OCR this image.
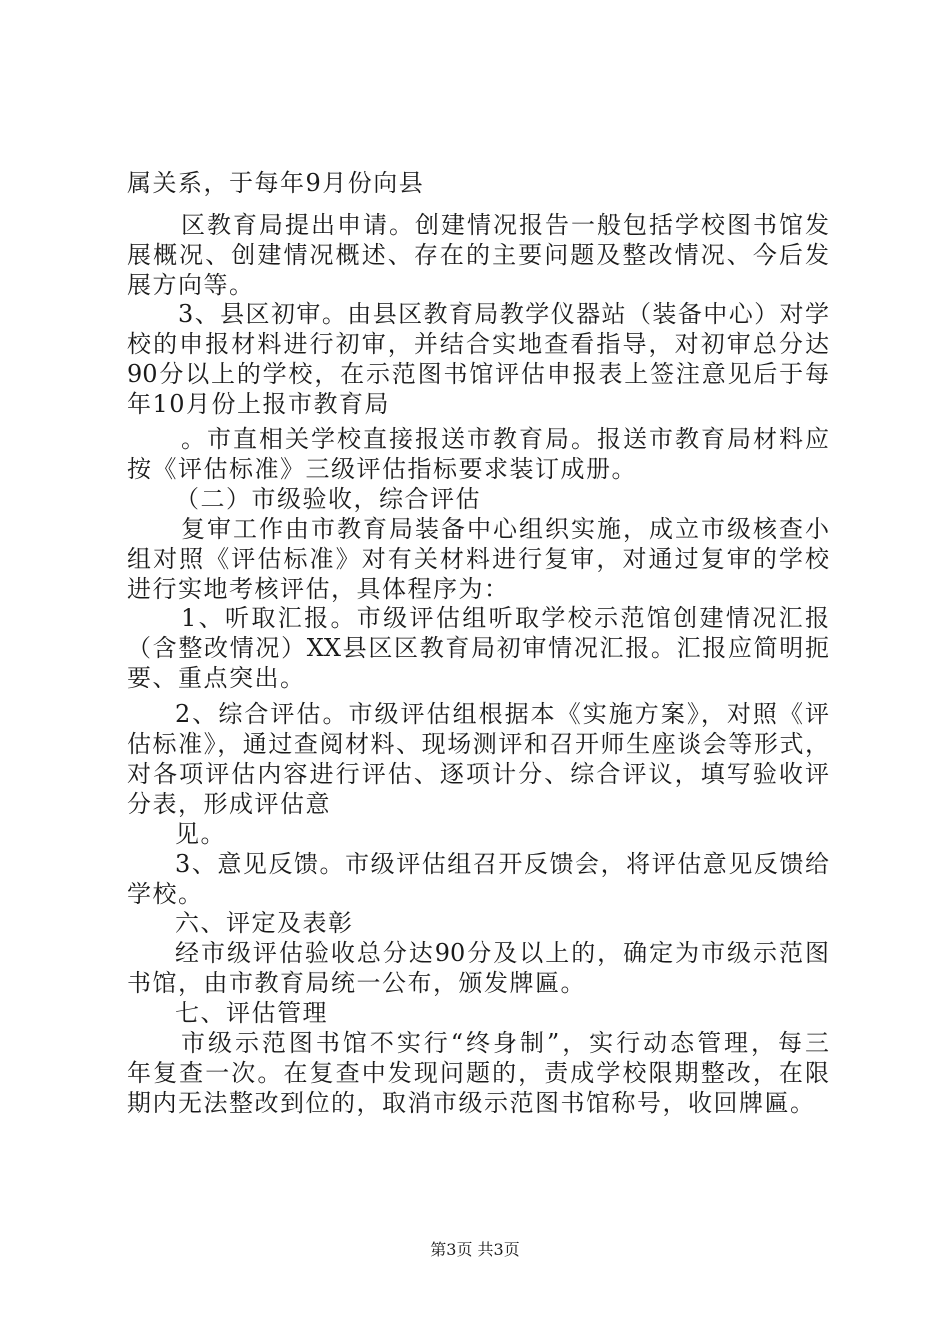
属关系，于每年9月份向县
区教育局提出申请。创建情况报告一般包括学校图书馆发
展概况、创建情况概述、存在的主要问题及整改情况、今后发
展方向等。
3、县区初审。由县区教育局教学仪器站（装备中心）对学
校的申报材料进行初审，并结合实地查看指导，对初审总分达
90分以上的学校，在示范图书馆评估申报表上签注意见后于每
年10月份上报市教育局
。市直相关学校直接报送市教育局。报送市教育局材料应
按《评估标准》三级评估指标要求装订成册。
（二）市级验收，综合评估
复审工作由市教育局装备中心组织实施，成立市级核查小
组对照《评估标准》对有关材料进行复审，对通过复审的学校
进行实地考核评估，具体程序为：
1、听取汇报。市级评估组听取学校示范馆创建情况汇报
（含整改情况）XX县区区教育局初审情况汇报。汇报应简明扼
要、重点突出。
2、综合评估。市级评估组根据本《实施方案》，对照《评
估标准》，通过查阅材料、现场测评和召开师生座谈会等形式，
对各项评估内容进行评估、逐项计分、综合评议，填写验收评
分表，形成评估意
见。
3、意见反馈。市级评估组召开反馈会，将评估意见反馈给
学校。
六、评定及表彰
经市级评估验收总分达90分及以上的，确定为市级示范图
书馆，由市教育局统一公布，颁发牌匾。
七、评估管理
市级示范图书馆不实行“终身制”，实行动态管理，每三
年复查一次。在复查中发现问题的，责成学校限期整改，在限
期内无法整改到位的，取消市级示范图书馆称号，收回牌匾。
第3页 共3页
